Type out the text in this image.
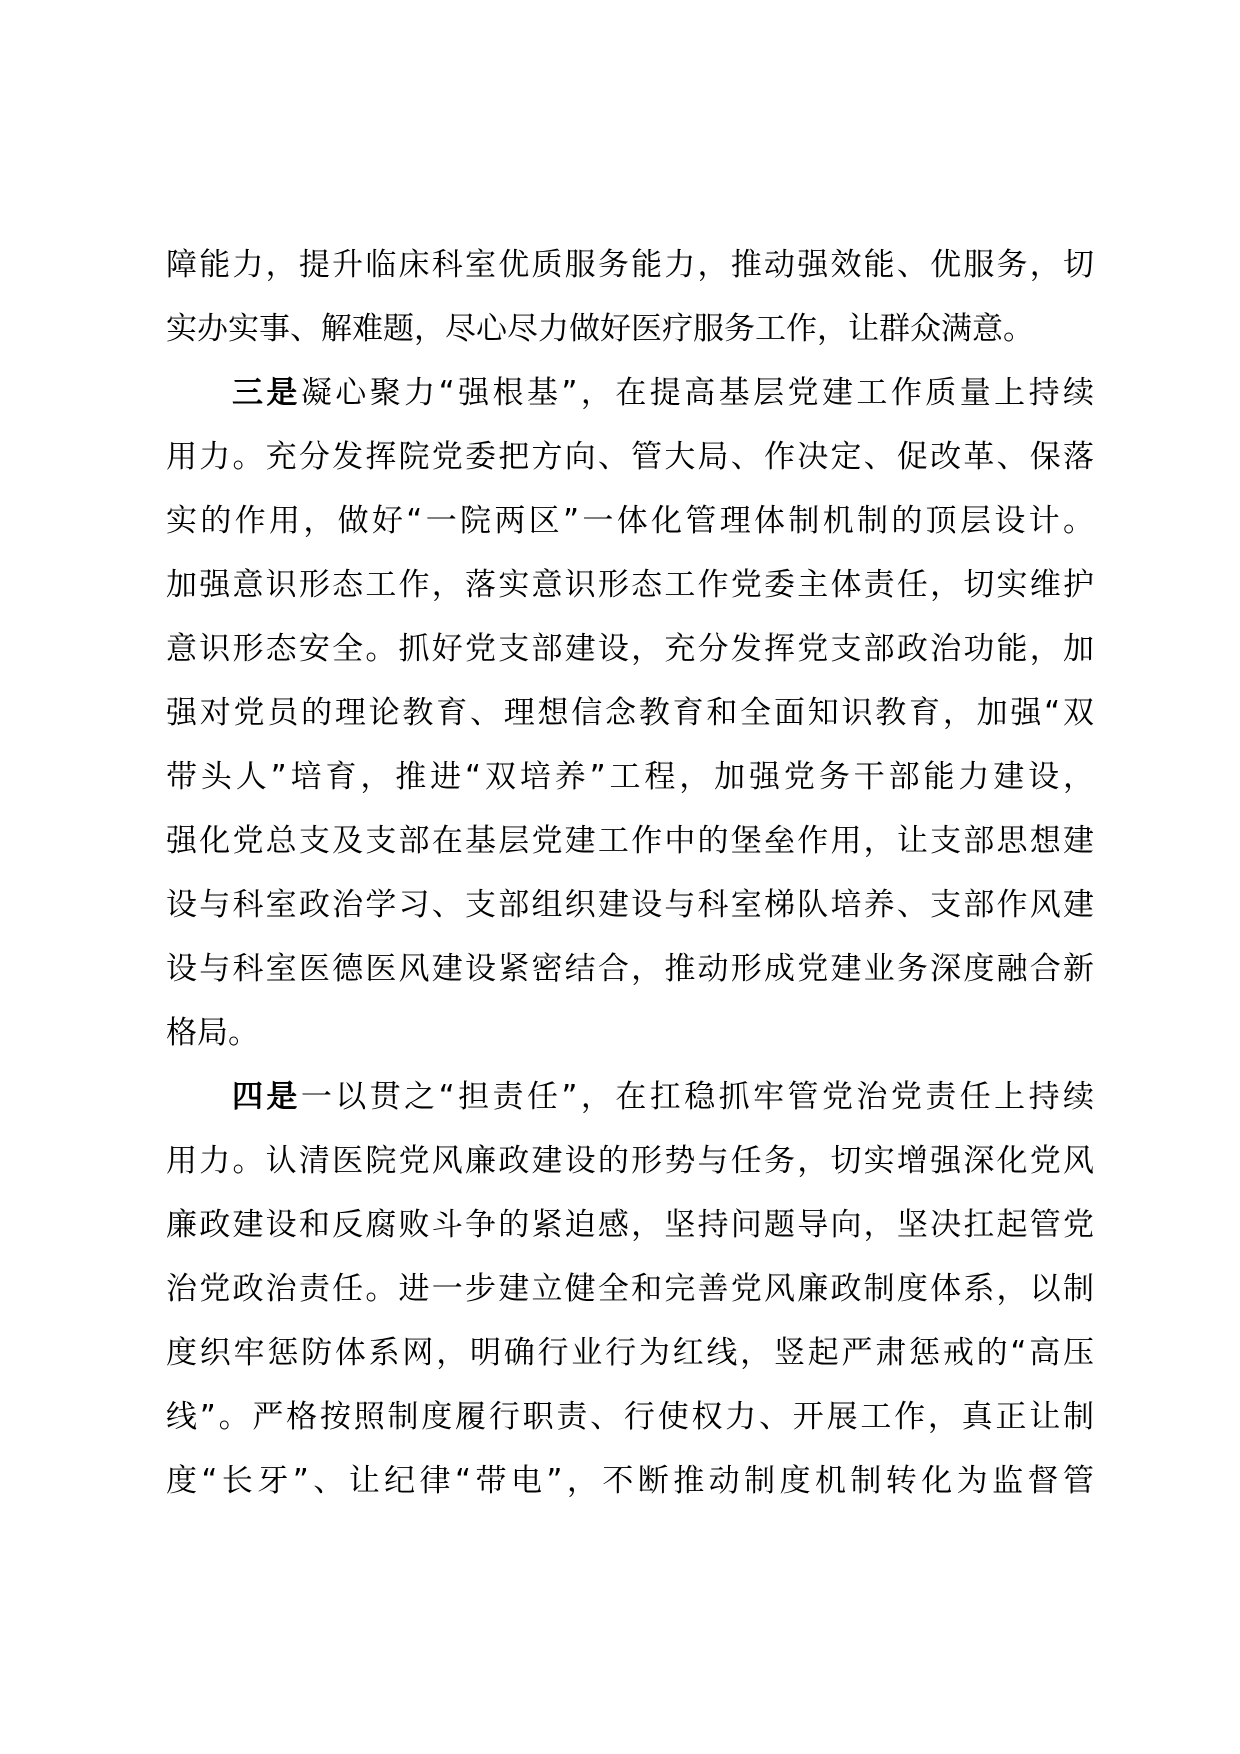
障能力，提升临床科室优质服务能力，推动强效能、优服务，切
实办实事、解难题，尽心尽力做好医疗服务工作，让群众满意。
三是凝心聚力“强根基”，在提高基层党建工作质量上持续
用力。充分发挥院党委把方向、管大局、作决定、促改革、保落
实的作用，做好“一院两区”一体化管理体制机制的顶层设计。
加强意识形态工作，落实意识形态工作党委主体责任，切实维护
意识形态安全。抓好党支部建设，充分发挥党支部政治功能，加
强对党员的理论教育、理想信念教育和全面知识教育，加强“双
带头人”培育，推进“双培养”工程，加强党务干部能力建设，
强化党总支及支部在基层党建工作中的堡垒作用，让支部思想建
设与科室政治学习、支部组织建设与科室梯队培养、支部作风建
设与科室医德医风建设紧密结合，推动形成党建业务深度融合新
格局。
四是一以贯之“担责任”，在扛稳抓牢管党治党责任上持续
用力。认清医院党风廉政建设的形势与任务，切实增强深化党风
廉政建设和反腐败斗争的紧迫感，坚持问题导向，坚决扛起管党
治党政治责任。进一步建立健全和完善党风廉政制度体系，以制
度织牢惩防体系网，明确行业行为红线，竖起严肃惩戒的“高压
线”。严格按照制度履行职责、行使权力、开展工作，真正让制
度“长牙”、让纪律“带电”，不断推动制度机制转化为监督管
